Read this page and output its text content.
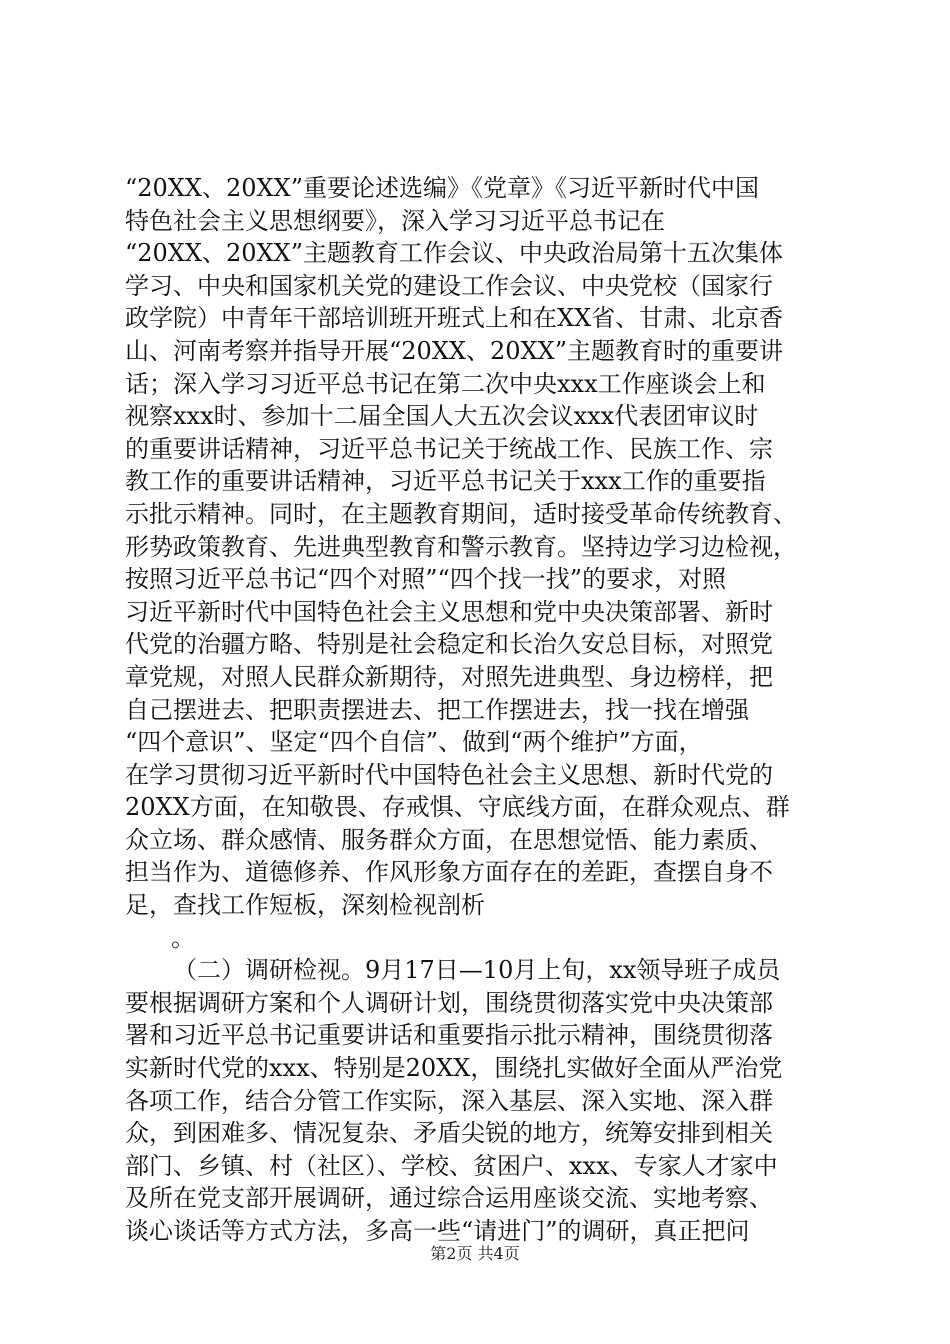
“20XX、20XX”重要论述选编》《党章》《习近平新时代中国
特色社会主义思想纲要》，深入学习习近平总书记在
“20XX、20XX”主题教育工作会议、中央政治局第十五次集体
学习、中央和国家机关党的建设工作会议、中央党校（国家行
政学院）中青年干部培训班开班式上和在XX省、甘肃、北京香
山、河南考察并指导开展“20XX、20XX”主题教育时的重要讲
话；深入学习习近平总书记在第二次中央xxx工作座谈会上和
视察xxx时、参加十二届全国人大五次会议xxx代表团审议时
的重要讲话精神，习近平总书记关于统战工作、民族工作、宗
教工作的重要讲话精神，习近平总书记关于xxx工作的重要指
示批示精神。同时，在主题教育期间，适时接受革命传统教育、
形势政策教育、先进典型教育和警示教育。坚持边学习边检视，
按照习近平总书记“四个对照”“四个找一找”的要求，对照
习近平新时代中国特色社会主义思想和党中央决策部署、新时
代党的治疆方略、特别是社会稳定和长治久安总目标，对照党
章党规，对照人民群众新期待，对照先进典型、身边榜样，把
自己摆进去、把职责摆进去、把工作摆进去，找一找在增强
“四个意识”、坚定“四个自信”、做到“两个维护”方面，
在学习贯彻习近平新时代中国特色社会主义思想、新时代党的
20XX方面，在知敬畏、存戒惧、守底线方面，在群众观点、群
众立场、群众感情、服务群众方面，在思想觉悟、能力素质、
担当作为、道德修养、作风形象方面存在的差距，查摆自身不
足，查找工作短板，深刻检视剖析
。
（二）调研检视。9月17日—10月上旬，xx领导班子成员
要根据调研方案和个人调研计划，围绕贯彻落实党中央决策部
署和习近平总书记重要讲话和重要指示批示精神，围绕贯彻落
实新时代党的xxx、特别是20XX，围绕扎实做好全面从严治党
各项工作，结合分管工作实际，深入基层、深入实地、深入群
众，到困难多、情况复杂、矛盾尖锐的地方，统筹安排到相关
部门、乡镇、村（社区）、学校、贫困户、xxx、专家人才家中
及所在党支部开展调研，通过综合运用座谈交流、实地考察、
谈心谈话等方式方法，多高一些“请进门”的调研，真正把问
第2页 共4页
